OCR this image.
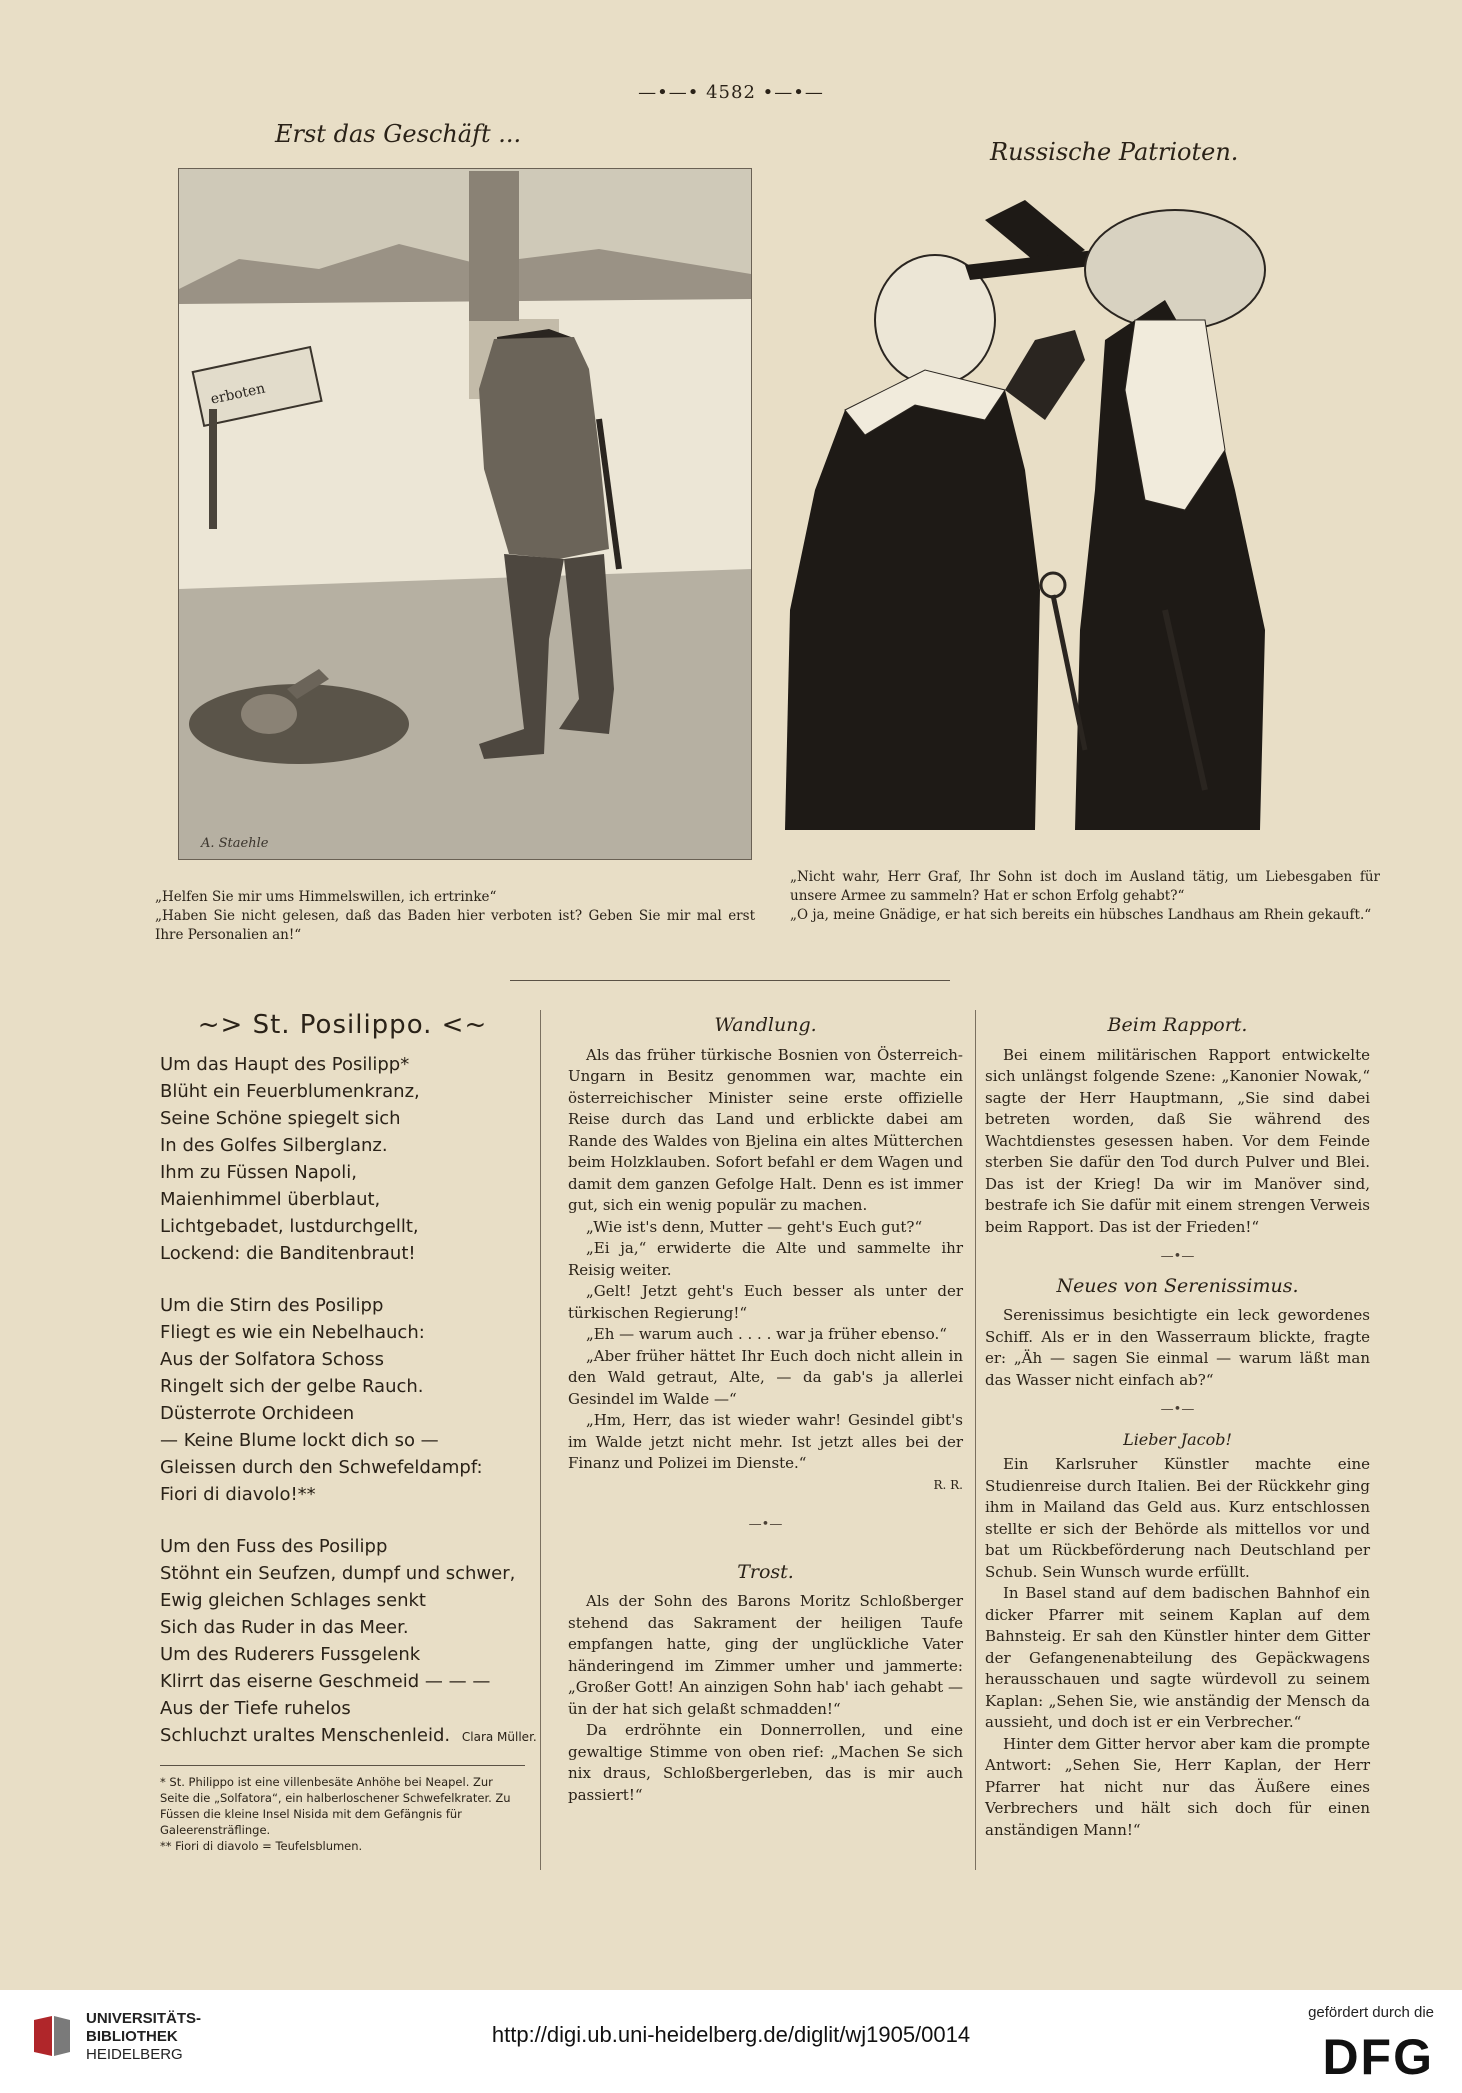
—•—• 4582 •—•—
Erst das Geschäft ...
erboten
A. Staehle

„Helfen Sie mir ums Himmelswillen, ich ertrinke“

„Haben Sie nicht gelesen, daß das Baden hier verboten ist? Geben Sie mir mal erst Ihre Personalien an!“

Russische Patrioten.

„Nicht wahr, Herr Graf, Ihr Sohn ist doch im Ausland tätig, um Liebesgaben für unsere Armee zu sammeln? Hat er schon Erfolg gehabt?“

„O ja, meine Gnädige, er hat sich bereits ein hübsches Landhaus am Rhein gekauft.“

~> St. Posilippo. <~
Um das Haupt des Posilipp*
Blüht ein Feuerblumenkranz,
Seine Schöne spiegelt sich
In des Golfes Silberglanz.
Ihm zu Füssen Napoli,
Maienhimmel überblaut,
Lichtgebadet, lustdurchgellt,
Lockend: die Banditenbraut!
Um die Stirn des Posilipp
Fliegt es wie ein Nebelhauch:
Aus der Solfatora Schoss
Ringelt sich der gelbe Rauch.
Düsterrote Orchideen
— Keine Blume lockt dich so —
Gleissen durch den Schwefeldampf:
Fiori di diavolo!**
Um den Fuss des Posilipp
Stöhnt ein Seufzen, dumpf und schwer,
Ewig gleichen Schlages senkt
Sich das Ruder in das Meer.
Um des Ruderers Fussgelenk
Klirrt das eiserne Geschmeid — — —
Aus der Tiefe ruhelos
Schluchzt uraltes Menschenleid. Clara Müller.
* St. Philippo ist eine villenbesäte Anhöhe bei Neapel. Zur Seite die „Solfatora“, ein halberloschener Schwefelkrater. Zu Füssen die kleine Insel Nisida mit dem Gefängnis für Galeerensträflinge.
** Fiori di diavolo = Teufelsblumen.
Wandlung.

Als das früher türkische Bosnien von Österreich-Ungarn in Besitz genommen war, machte ein österreichischer Minister seine erste offizielle Reise durch das Land und erblickte dabei am Rande des Waldes von Bjelina ein altes Mütterchen beim Holzklauben. Sofort befahl er dem Wagen und damit dem ganzen Gefolge Halt. Denn es ist immer gut, sich ein wenig populär zu machen.

„Wie ist's denn, Mutter — geht's Euch gut?“

„Ei ja,“ erwiderte die Alte und sammelte ihr Reisig weiter.

„Gelt! Jetzt geht's Euch besser als unter der türkischen Regierung!“

„Eh — warum auch . . . . war ja früher ebenso.“

„Aber früher hättet Ihr Euch doch nicht allein in den Wald getraut, Alte, — da gab's ja allerlei Gesindel im Walde —“

„Hm, Herr, das ist wieder wahr! Gesindel gibt's im Walde jetzt nicht mehr. Ist jetzt alles bei der Finanz und Polizei im Dienste.“

R. R.

—•—
Trost.

Als der Sohn des Barons Moritz Schloßberger stehend das Sakrament der heiligen Taufe empfangen hatte, ging der unglückliche Vater händeringend im Zimmer umher und jammerte: „Großer Gott! An ainzigen Sohn hab' iach gehabt — ün der hat sich gelaßt schmadden!“

Da erdröhnte ein Donnerrollen, und eine gewaltige Stimme von oben rief: „Machen Se sich nix draus, Schloßbergerleben, das is mir auch passiert!“

Beim Rapport.

Bei einem militärischen Rapport entwickelte sich unlängst folgende Szene: „Kanonier Nowak,“ sagte der Herr Hauptmann, „Sie sind dabei betreten worden, daß Sie während des Wachtdienstes gesessen haben. Vor dem Feinde sterben Sie dafür den Tod durch Pulver und Blei. Das ist der Krieg! Da wir im Manöver sind, bestrafe ich Sie dafür mit einem strengen Verweis beim Rapport. Das ist der Frieden!“

—•—
Neues von Serenissimus.

Serenissimus besichtigte ein leck gewordenes Schiff. Als er in den Wasserraum blickte, fragte er: „Äh — sagen Sie einmal — warum läßt man das Wasser nicht einfach ab?“

—•—
Lieber Jacob!

Ein Karlsruher Künstler machte eine Studienreise durch Italien. Bei der Rückkehr ging ihm in Mailand das Geld aus. Kurz entschlossen stellte er sich der Behörde als mittellos vor und bat um Rückbeförderung nach Deutschland per Schub. Sein Wunsch wurde erfüllt.

In Basel stand auf dem badischen Bahnhof ein dicker Pfarrer mit seinem Kaplan auf dem Bahnsteig. Er sah den Künstler hinter dem Gitter der Gefangenenabteilung des Gepäckwagens herausschauen und sagte würdevoll zu seinem Kaplan: „Sehen Sie, wie anständig der Mensch da aussieht, und doch ist er ein Verbrecher.“

Hinter dem Gitter hervor aber kam die prompte Antwort: „Sehen Sie, Herr Kaplan, der Herr Pfarrer hat nicht nur das Äußere eines Verbrechers und hält sich doch für einen anständigen Mann!“

UNIVERSITÄTS-
BIBLIOTHEK
HEIDELBERG
http://digi.ub.uni-heidelberg.de/diglit/wj1905/0014
gefördert durch die
DFG
